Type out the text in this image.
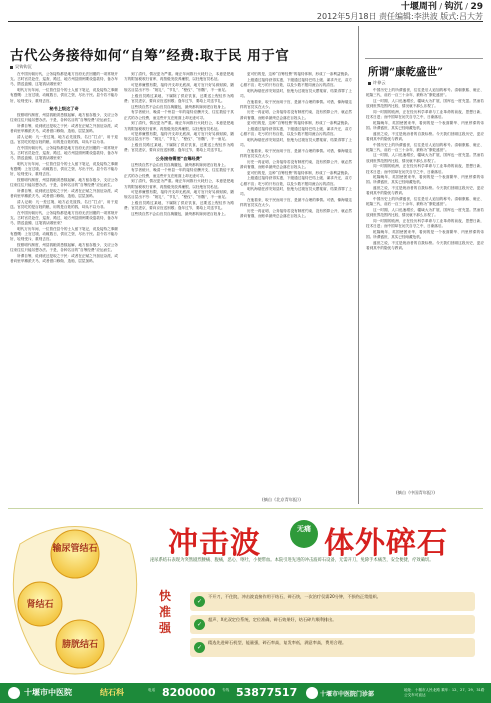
十堰周刊 / 钩沉 / 29
2012年5月18日 责任编辑:李洪波 版式:吕大芳
古代公务接待如何“自筹”经费:取于民 用于官
吴钩钩沉

在中国历朝历代，公务接待都是地方官府无法回避的一项常规开支。古时官员赴任、巡查、路过，地方州县照例要设宴款待，备办车马，馈送盘缠，这笔钱从哪里来？

明代万历年间，一位曾任县令的士人留下笔记，说及接待之事颇有感慨：上官过境，动辄数日，供应之资，尽出于民。县令若不能办好，轻则受斥，重则去官。

秘书上级这了奇

按照明代制度，州县钱粮须悉数起解，地方留存极少，支应公务往来往往只能另想办法。于是，各种名目的“自筹经费”应运而生。

所谓自筹，说到底还是取之于民：或者在正赋之外加征杂派，或者向里甲摊派夫马，或者借口修衙、造船，层层加码。

清人记载：凡一差过境，地方必先敛钱，名曰“打点”，用于迎送。官员吃的是百姓的粮，用的是百姓的钱，却从不以为非。

在中国历朝历代，公务接待都是地方官府无法回避的一项常规开支。古时官员赴任、巡查、路过，地方州县照例要设宴款待，备办车马，馈送盘缠，这笔钱从哪里来？

明代万历年间，一位曾任县令的士人留下笔记，说及接待之事颇有感慨：上官过境，动辄数日，供应之资，尽出于民。县令若不能办好，轻则受斥，重则去官。

按照明代制度，州县钱粮须悉数起解，地方留存极少，支应公务往来往往只能另想办法。于是，各种名目的“自筹经费”应运而生。

所谓自筹，说到底还是取之于民：或者在正赋之外加征杂派，或者向里甲摊派夫马，或者借口修衙、造船，层层加码。

清人记载：凡一差过境，地方必先敛钱，名曰“打点”，用于迎送。官员吃的是百姓的粮，用的是百姓的钱，却从不以为非。

在中国历朝历代，公务接待都是地方官府无法回避的一项常规开支。古时官员赴任、巡查、路过，地方州县照例要设宴款待，备办车马，馈送盘缠，这笔钱从哪里来？

明代万历年间，一位曾任县令的士人留下笔记，说及接待之事颇有感慨：上官过境，动辄数日，供应之资，尽出于民。县令若不能办好，轻则受斥，重则去官。

按照明代制度，州县钱粮须悉数起解，地方留存极少，支应公务往来往往只能另想办法。于是，各种名目的“自筹经费”应运而生。

所谓自筹，说到底还是取之于民：或者在正赋之外加征杂派，或者向里甲摊派夫马，或者借口修衙、造船，层层加码。

到了清代，情况更为严重。雍正年间推行火耗归公，本意是把地方的附加税收归省库，再按级发放养廉银，以杜绝官员私征。

可是养廉银有限，接待开支却无底洞，地方官只好另辟财源，陋规名目层出不穷：“规礼”、“节礼”、“程仪”、“别敬”，不一而足。

上级官员路过某地，下属除了供应饮食，还要送上程仪作为路费；官员进京，要向京官送别敬；逢年过节，要给上司送节礼。

这些钱自然不会由官员自掏腰包，最终都转嫁到老百姓身上。

有学者统计，晚清一个州县一年的接待应酬开支，往往数倍于其正式的办公经费，而这些开支在账面上却无迹可寻。

到了清代，情况更为严重。雍正年间推行火耗归公，本意是把地方的附加税收归省库，再按级发放养廉银，以杜绝官员私征。

可是养廉银有限，接待开支却无底洞，地方官只好另辟财源，陋规名目层出不穷：“规礼”、“节礼”、“程仪”、“别敬”，不一而足。

上级官员路过某地，下属除了供应饮食，还要送上程仪作为路费；官员进京，要向京官送别敬；逢年过节，要给上司送节礼。

公务接待需要“自筹经费”

这些钱自然不会由官员自掏腰包，最终都转嫁到老百姓身上。

有学者统计，晚清一个州县一年的接待应酬开支，往往数倍于其正式的办公经费，而这些开支在账面上却无迹可寻。

到了清代，情况更为严重。雍正年间推行火耗归公，本意是把地方的附加税收归省库，再按级发放养廉银，以杜绝官员私征。

可是养廉银有限，接待开支却无底洞，地方官只好另辟财源，陋规名目层出不穷：“规礼”、“节礼”、“程仪”、“别敬”，不一而足。

上级官员路过某地，下属除了供应饮食，还要送上程仪作为路费；官员进京，要向京官送别敬；逢年过节，要给上司送节礼。

这些钱自然不会由官员自掏腰包，最终都转嫁到老百姓身上。

更可怕的是，这种“自筹经费”的接待体制，形成了一条利益链条。

上级通过接待获得实惠，下级通过接待巴结上级、谋求升迁，双方心照不宣；吃亏的只有百姓，以及少数不愿同流合污的清官。

明代海瑞任淳安知县时，拒绝为过境官员大摆筵席，结果得罪了上司。

在他看来，取于民而用于官，是最不合理的事情。可惜，像海瑞这样的官员实在太少。

历史一再证明，公务接待若没有制度约束，没有预算公开，就必然滑向奢靡，而账单最终总会落在百姓头上。

更可怕的是，这种“自筹经费”的接待体制，形成了一条利益链条。

上级通过接待获得实惠，下级通过接待巴结上级、谋求升迁，双方心照不宣；吃亏的只有百姓，以及少数不愿同流合污的清官。

明代海瑞任淳安知县时，拒绝为过境官员大摆筵席，结果得罪了上司。

在他看来，取于民而用于官，是最不合理的事情。可惜，像海瑞这样的官员实在太少。

历史一再证明，公务接待若没有制度约束，没有预算公开，就必然滑向奢靡，而账单最终总会落在百姓头上。

更可怕的是，这种“自筹经费”的接待体制，形成了一条利益链条。

上级通过接待获得实惠，下级通过接待巴结上级、谋求升迁，双方心照不宣；吃亏的只有百姓，以及少数不愿同流合污的清官。

明代海瑞任淳安知县时，拒绝为过境官员大摆筵席，结果得罪了上司。

在他看来，取于民而用于官，是最不合理的事情。可惜，像海瑞这样的官员实在太少。

历史一再证明，公务接待若没有制度约束，没有预算公开，就必然滑向奢靡，而账单最终总会落在百姓头上。

(摘自《北京青年报》)
所谓“康乾盛世”
许倬云

中国历史上的所谓盛世，往往是后人追加的称号。清朝康熙、雍正、乾隆三代，前后一百三十余年，被称为“康乾盛世”。

这一时期，人口迅速增长，疆域大为扩展，国库也一度充盈。然而若放到世界范围内比较，情况就不那么乐观了。

同一时期的欧洲，正在经历科学革命与工业革命的前夜，思想日新，技术日进；而中国却在闭关自守之中，日渐落后。

乾隆晚年，英国使团来华，看到的是一个表面繁华、内里停滞的帝国。所谓盛世，其实已经暗藏危机。

盛世之说，不过是统治者的自我标榜。今天我们回顾这段历史，更应看到其中的隐忧与教训。

中国历史上的所谓盛世，往往是后人追加的称号。清朝康熙、雍正、乾隆三代，前后一百三十余年，被称为“康乾盛世”。

这一时期，人口迅速增长，疆域大为扩展，国库也一度充盈。然而若放到世界范围内比较，情况就不那么乐观了。

同一时期的欧洲，正在经历科学革命与工业革命的前夜，思想日新，技术日进；而中国却在闭关自守之中，日渐落后。

乾隆晚年，英国使团来华，看到的是一个表面繁华、内里停滞的帝国。所谓盛世，其实已经暗藏危机。

盛世之说，不过是统治者的自我标榜。今天我们回顾这段历史，更应看到其中的隐忧与教训。

中国历史上的所谓盛世，往往是后人追加的称号。清朝康熙、雍正、乾隆三代，前后一百三十余年，被称为“康乾盛世”。

这一时期，人口迅速增长，疆域大为扩展，国库也一度充盈。然而若放到世界范围内比较，情况就不那么乐观了。

同一时期的欧洲，正在经历科学革命与工业革命的前夜，思想日新，技术日进；而中国却在闭关自守之中，日渐落后。

乾隆晚年，英国使团来华，看到的是一个表面繁华、内里停滞的帝国。所谓盛世，其实已经暗藏危机。

盛世之说，不过是统治者的自我标榜。今天我们回顾这段历史，更应看到其中的隐忧与教训。

(摘自《中国青年报》)
输尿管结石
肾结石
膀胱结石
冲击波	无痛 体外碎石
泌尿系结石表现为突然剧烈腰痛、腹痛，恶心、呕吐，小便带血。本院引进先进的冲击波碎石设备，无需开刀，免除手术痛苦，安全便捷，疗效确切。
快
准
强
✓
不开刀，不住院，冲击波直接作用于结石，碎石快，一次治疗仅需20分钟，不损伤正常组织。
✓
超声、X光双定位系统，定位准确，碎石效果好，结石碎片顺利排出。
✓
精选先进碎石机型，能量强，碎石率高，复发率低，满意率高，费用合理。
十堰市中医院	结石科	电话 8200000 专线 53877517	十堰市中医院门诊部
地址：十堰市人民北路 乘车：12、27、29、31路公交车可直达
